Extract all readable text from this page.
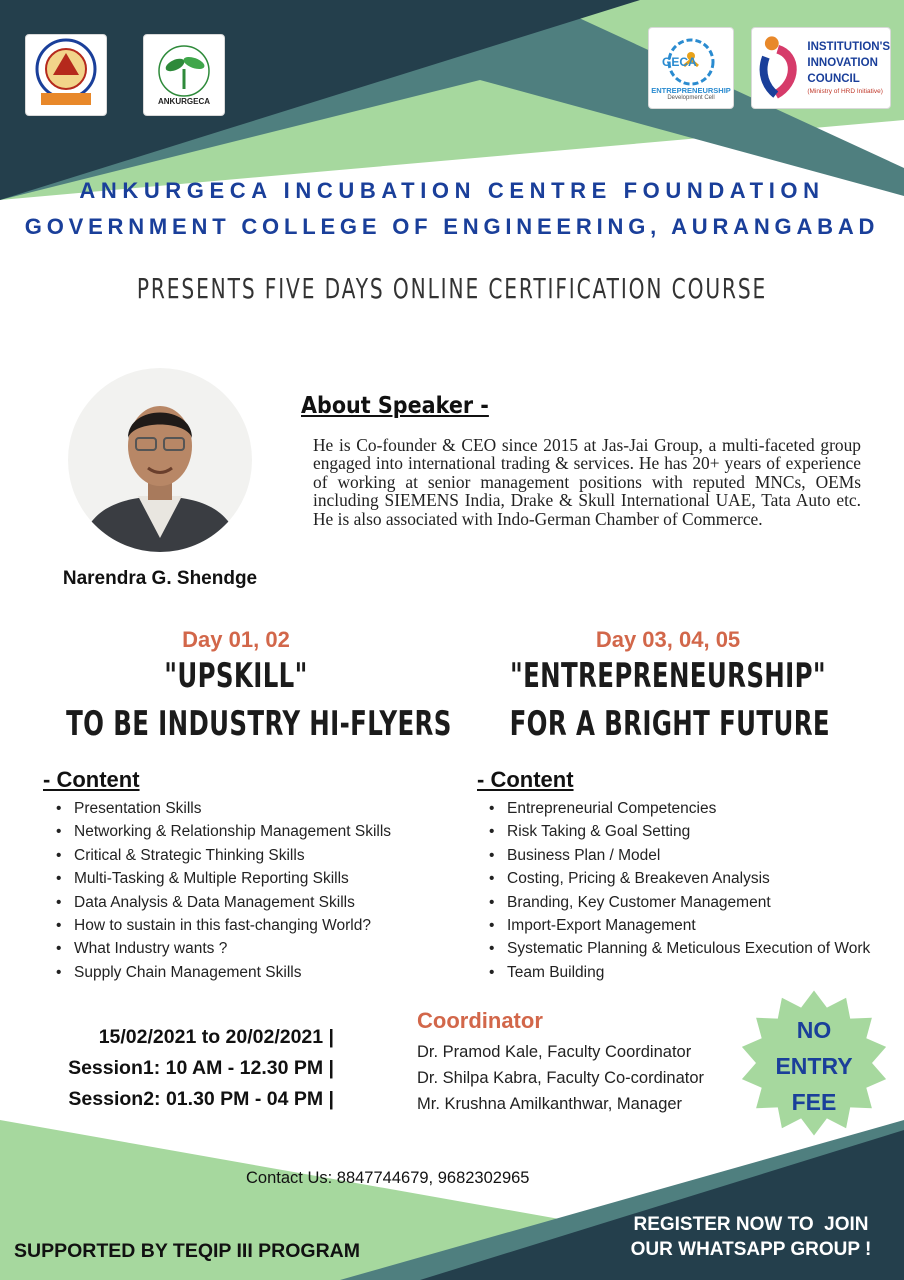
ANKURGECA
GECA
ENTREPRENEURSHIP
Development Cell
INSTITUTION'S
INNOVATION
COUNCIL
(Ministry of HRD Initiative)
ANKURGECA INCUBATION CENTRE FOUNDATION
GOVERNMENT COLLEGE OF ENGINEERING, AURANGABAD
PRESENTS FIVE DAYS ONLINE CERTIFICATION COURSE
Narendra G. Shendge
About Speaker -
He is Co-founder & CEO since 2015 at Jas-Jai Group, a multi-faceted group engaged into international trading & services. He has 20+ years of experience of working at senior management positions with reputed MNCs, OEMs including SIEMENS India, Drake & Skull International UAE, Tata Auto etc. He is also associated with Indo-German Chamber of Commerce.
Day 01, 02
"UPSKILL"
TO BE INDUSTRY HI-FLYERS
- Content
• Presentation Skills
• Networking & Relationship Management Skills
• Critical & Strategic Thinking Skills
• Multi-Tasking & Multiple Reporting Skills
• Data Analysis & Data Management Skills
• How to sustain in this fast-changing World?
• What Industry wants ?
• Supply Chain Management Skills
Day 03, 04, 05
"ENTREPRENEURSHIP"
FOR A BRIGHT FUTURE
- Content
• Entrepreneurial Competencies
• Risk Taking & Goal Setting
• Business Plan / Model
• Costing, Pricing & Breakeven Analysis
• Branding, Key Customer Management
• Import-Export Management
• Systematic Planning & Meticulous Execution of Work
• Team Building
15/02/2021 to 20/02/2021 |
Session1: 10 AM - 12.30 PM |
Session2: 01.30 PM - 04 PM |
Coordinator
Dr. Pramod Kale, Faculty Coordinator
Dr. Shilpa Kabra, Faculty Co-cordinator
Mr. Krushna Amilkanthwar, Manager
NO
ENTRY
FEE
Contact Us: 8847744679, 9682302965
SUPPORTED BY TEQIP III PROGRAM
REGISTER NOW TO  JOIN
OUR WHATSAPP GROUP !
